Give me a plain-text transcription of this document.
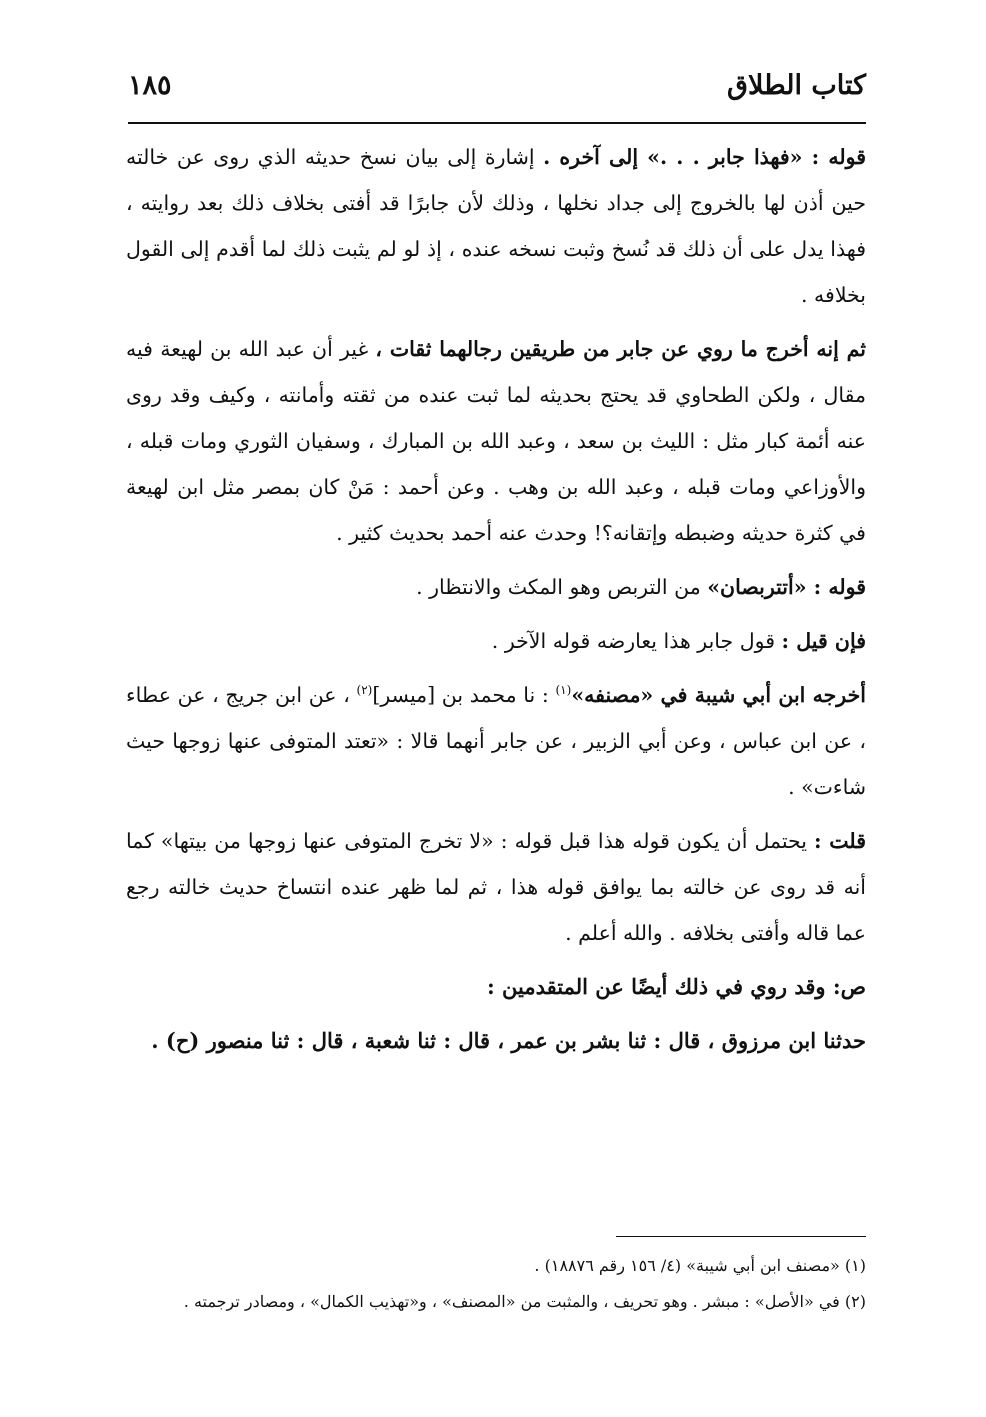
كتاب الطلاق
١٨٥

قوله : «فهذا جابر . . .» إلى آخره . إشارة إلى بيان نسخ حديثه الذي روى عن خالته حين أذن لها بالخروج إلى جداد نخلها ، وذلك لأن جابرًا قد أفتى بخلاف ذلك بعد روايته ، فهذا يدل على أن ذلك قد نُسخ وثبت نسخه عنده ، إذ لو لم يثبت ذلك لما أقدم إلى القول بخلافه .

ثم إنه أخرج ما روي عن جابر من طريقين رجالهما ثقات ، غير أن عبد الله بن لهيعة فيه مقال ، ولكن الطحاوي قد يحتج بحديثه لما ثبت عنده من ثقته وأمانته ، وكيف وقد روى عنه أئمة كبار مثل : الليث بن سعد ، وعبد الله بن المبارك ، وسفيان الثوري ومات قبله ، والأوزاعي ومات قبله ، وعبد الله بن وهب . وعن أحمد : مَنْ كان بمصر مثل ابن لهيعة في كثرة حديثه وضبطه وإتقانه؟! وحدث عنه أحمد بحديث كثير .

قوله : «أتتربصان» من التربص وهو المكث والانتظار .

فإن قيل : قول جابر هذا يعارضه قوله الآخر .

أخرجه ابن أبي شيبة في «مصنفه»$^{(١)}$ : نا محمد بن [ميسر]$^{(٢)}$ ، عن ابن جريج ، عن عطاء ، عن ابن عباس ، وعن أبي الزبير ، عن جابر أنهما قالا : «تعتد المتوفى عنها زوجها حيث شاءت» .

قلت : يحتمل أن يكون قوله هذا قبل قوله : «لا تخرج المتوفى عنها زوجها من بيتها» كما أنه قد روى عن خالته بما يوافق قوله هذا ، ثم لما ظهر عنده انتساخ حديث خالته رجع عما قاله وأفتى بخلافه . والله أعلم .

ص: وقد روي في ذلك أيضًا عن المتقدمين :

حدثنا ابن مرزوق ، قال : ثنا بشر بن عمر ، قال : ثنا شعبة ، قال : ثنا منصور (ح) .

(١) «مصنف ابن أبي شيبة» (٤/ ١٥٦ رقم ١٨٨٧٦) .

(٢) في «الأصل» : مبشر . وهو تحريف ، والمثبت من «المصنف» ، و«تهذيب الكمال» ، ومصادر ترجمته .
